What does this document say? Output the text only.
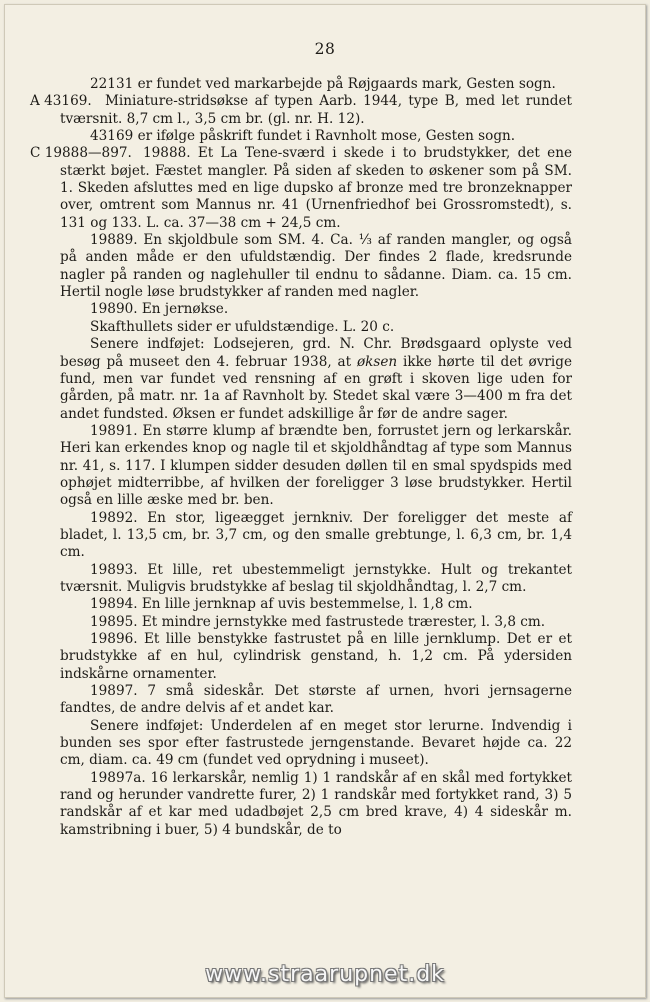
28

22131 er fundet ved markarbejde på Røjgaards mark, Gesten sogn.

A 43169. Miniature-stridsøkse af typen Aarb. 1944, type B, med let rundet tværsnit. 8,7 cm l., 3,5 cm br. (gl. nr. H. 12).

43169 er ifølge påskrift fundet i Ravnholt mose, Gesten sogn.

C 19888—897. 19888. Et La Tene-sværd i skede i to brudstykker, det ene stærkt bøjet. Fæstet mangler. På siden af skeden to øskener som på SM. 1. Skeden afsluttes med en lige dupsko af bronze med tre bronzeknapper over, omtrent som Mannus nr. 41 (Urnenfriedhof bei Grossromstedt), s. 131 og 133. L. ca. 37—38 cm + 24,5 cm.

19889. En skjoldbule som SM. 4. Ca. ⅓ af randen mangler, og også på anden måde er den ufuldstændig. Der findes 2 flade, kredsrunde nagler på randen og naglehuller til endnu to sådanne. Diam. ca. 15 cm. Hertil nogle løse brudstykker af randen med nagler.

19890. En jernøkse.

Skafthullets sider er ufuldstændige. L. 20 c.

Senere indføjet: Lodsejeren, grd. N. Chr. Brødsgaard oplyste ved besøg på museet den 4. februar 1938, at øksen ikke hørte til det øvrige fund, men var fundet ved rensning af en grøft i skoven lige uden for gården, på matr. nr. 1a af Ravnholt by. Stedet skal være 3—400 m fra det andet fundsted. Øksen er fundet adskillige år før de andre sager.

19891. En større klump af brændte ben, forrustet jern og lerkarskår. Heri kan erkendes knop og nagle til et skjoldhåndtag af type som Mannus nr. 41, s. 117. I klumpen sidder desuden døllen til en smal spydspids med ophøjet midterribbe, af hvilken der foreligger 3 løse brudstykker. Hertil også en lille æske med br. ben.

19892. En stor, ligeægget jernkniv. Der foreligger det meste af bladet, l. 13,5 cm, br. 3,7 cm, og den smalle grebtunge, l. 6,3 cm, br. 1,4 cm.

19893. Et lille, ret ubestemmeligt jernstykke. Hult og trekantet tværsnit. Muligvis brudstykke af beslag til skjoldhåndtag, l. 2,7 cm.

19894. En lille jernknap af uvis bestemmelse, l. 1,8 cm.

19895. Et mindre jernstykke med fastrustede trærester, l. 3,8 cm.

19896. Et lille benstykke fastrustet på en lille jernklump. Det er et brudstykke af en hul, cylindrisk genstand, h. 1,2 cm. På ydersiden indskårne ornamenter.

19897. 7 små sideskår. Det største af urnen, hvori jernsagerne fandtes, de andre delvis af et andet kar.

Senere indføjet: Underdelen af en meget stor lerurne. Indvendig i bunden ses spor efter fastrustede jerngenstande. Bevaret højde ca. 22 cm, diam. ca. 49 cm (fundet ved oprydning i museet).

19897a. 16 lerkarskår, nemlig 1) 1 randskår af en skål med fortykket rand og herunder vandrette furer, 2) 1 randskår med fortykket rand, 3) 5 randskår af et kar med udadbøjet 2,5 cm bred krave, 4) 4 sideskår m. kamstribning i buer, 5) 4 bundskår, de to

www.straarupnet.dk
